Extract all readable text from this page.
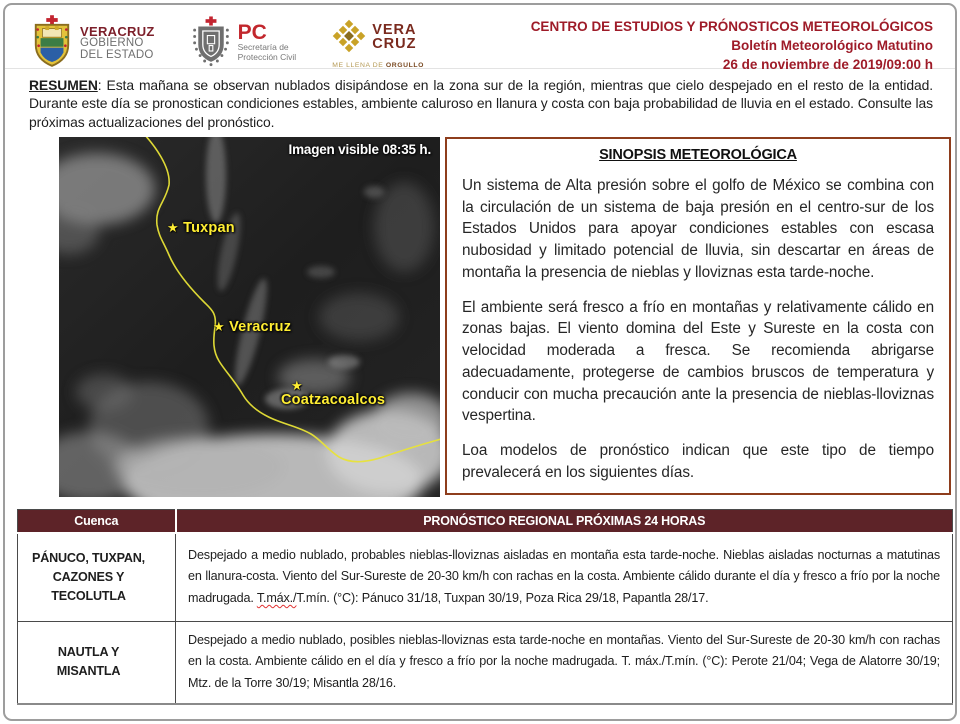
VERACRUZ
GOBIERNO
DEL ESTADO
PC
Secretaría de
Protección Civil
VERA
CRUZ
ME LLENA DE ORGULLO
CENTRO DE ESTUDIOS Y PRÓNOSTICOS METEOROLÓGICOS
Boletín Meteorológico Matutino
26 de noviembre de 2019/09:00 h

RESUMEN: Esta mañana se observan nublados disipándose en la zona sur de la región, mientras que cielo despejado en el resto de la entidad. Durante este día se pronostican condiciones estables, ambiente caluroso en llanura y costa con baja probabilidad de lluvia en el estado. Consulte las próximas actualizaciones del pronóstico.

Imagen visible 08:35 h.
★ Tuxpan
★ Veracruz
★
Coatzacoalcos
SINOPSIS METEOROLÓGICA

Un sistema de Alta presión sobre el golfo de México se combina con la circulación de un sistema de baja presión en el centro-sur de los Estados Unidos para apoyar condiciones estables con escasa nubosidad y limitado potencial de lluvia, sin descartar en áreas de montaña la presencia de nieblas y lloviznas esta tarde-noche.

El ambiente será fresco a frío en montañas y relativamente cálido en zonas bajas. El viento domina del Este y Sureste en la costa con velocidad moderada a fresca. Se recomienda abrigarse adecuadamente, protegerse de cambios bruscos de temperatura y conducir con mucha precaución ante la presencia de nieblas-lloviznas vespertina.

Loa modelos de pronóstico indican que este tipo de tiempo prevalecerá en los siguientes días.

Cuenca	PRONÓSTICO REGIONAL PRÓXIMAS 24 HORAS
PÁNUCO, TUXPAN, CAZONES Y TECOLUTLA	Despejado a medio nublado, probables nieblas-lloviznas aisladas en montaña esta tarde-noche. Nieblas aisladas nocturnas a matutinas en llanura-costa. Viento del Sur-Sureste de 20-30 km/h con rachas en la costa. Ambiente cálido durante el día y fresco a frío por la noche madrugada. T.máx./T.mín. (°C): Pánuco 31/18, Tuxpan 30/19, Poza Rica 29/18, Papantla 28/17.
NAUTLA Y MISANTLA	Despejado a medio nublado, posibles nieblas-lloviznas esta tarde-noche en montañas. Viento del Sur-Sureste de 20-30 km/h con rachas en la costa. Ambiente cálido en el día y fresco a frío por la noche madrugada. T. máx./T.mín. (°C): Perote 21/04; Vega de Alatorre 30/19; Mtz. de la Torre 30/19; Misantla 28/16.
